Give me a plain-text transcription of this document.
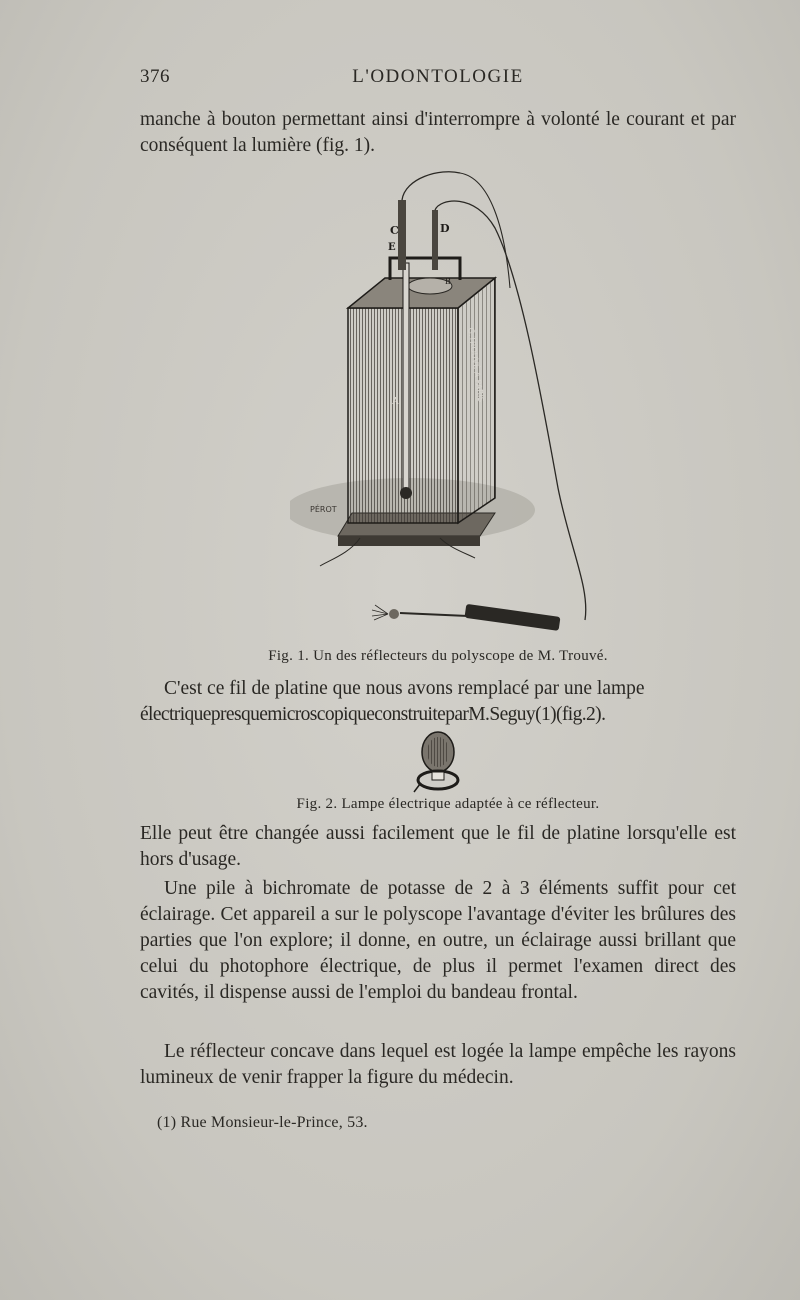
376	L'ODONTOLOGIE

manche à bouton permettant ainsi d'interrompre à volonté le courant et par conséquent la lumière (fig. 1).

C	D
E
A
B
PÉROT
G.TROUVÉ A PARIS
Fig. 1. Un des réflecteurs du polyscope de M. Trouvé.

C'est ce fil de platine que nous avons remplacé par une lampe
électriquepresquemicroscopiqueconstruiteparM.Seguy(1)(fig.2).

Fig. 2. Lampe électrique adaptée à ce réflecteur.

Elle peut être changée aussi facilement que le fil de platine lorsqu'elle est hors d'usage.

Une pile à bichromate de potasse de 2 à 3 éléments suffit pour cet éclairage. Cet appareil a sur le polyscope l'avantage d'éviter les brûlures des parties que l'on explore; il donne, en outre, un éclairage aussi brillant que celui du photophore électrique, de plus il permet l'examen direct des cavités, il dispense aussi de l'emploi du bandeau frontal.

Le réflecteur concave dans lequel est logée la lampe empêche les rayons lumineux de venir frapper la figure du médecin.

(1) Rue Monsieur-le-Prince, 53.
